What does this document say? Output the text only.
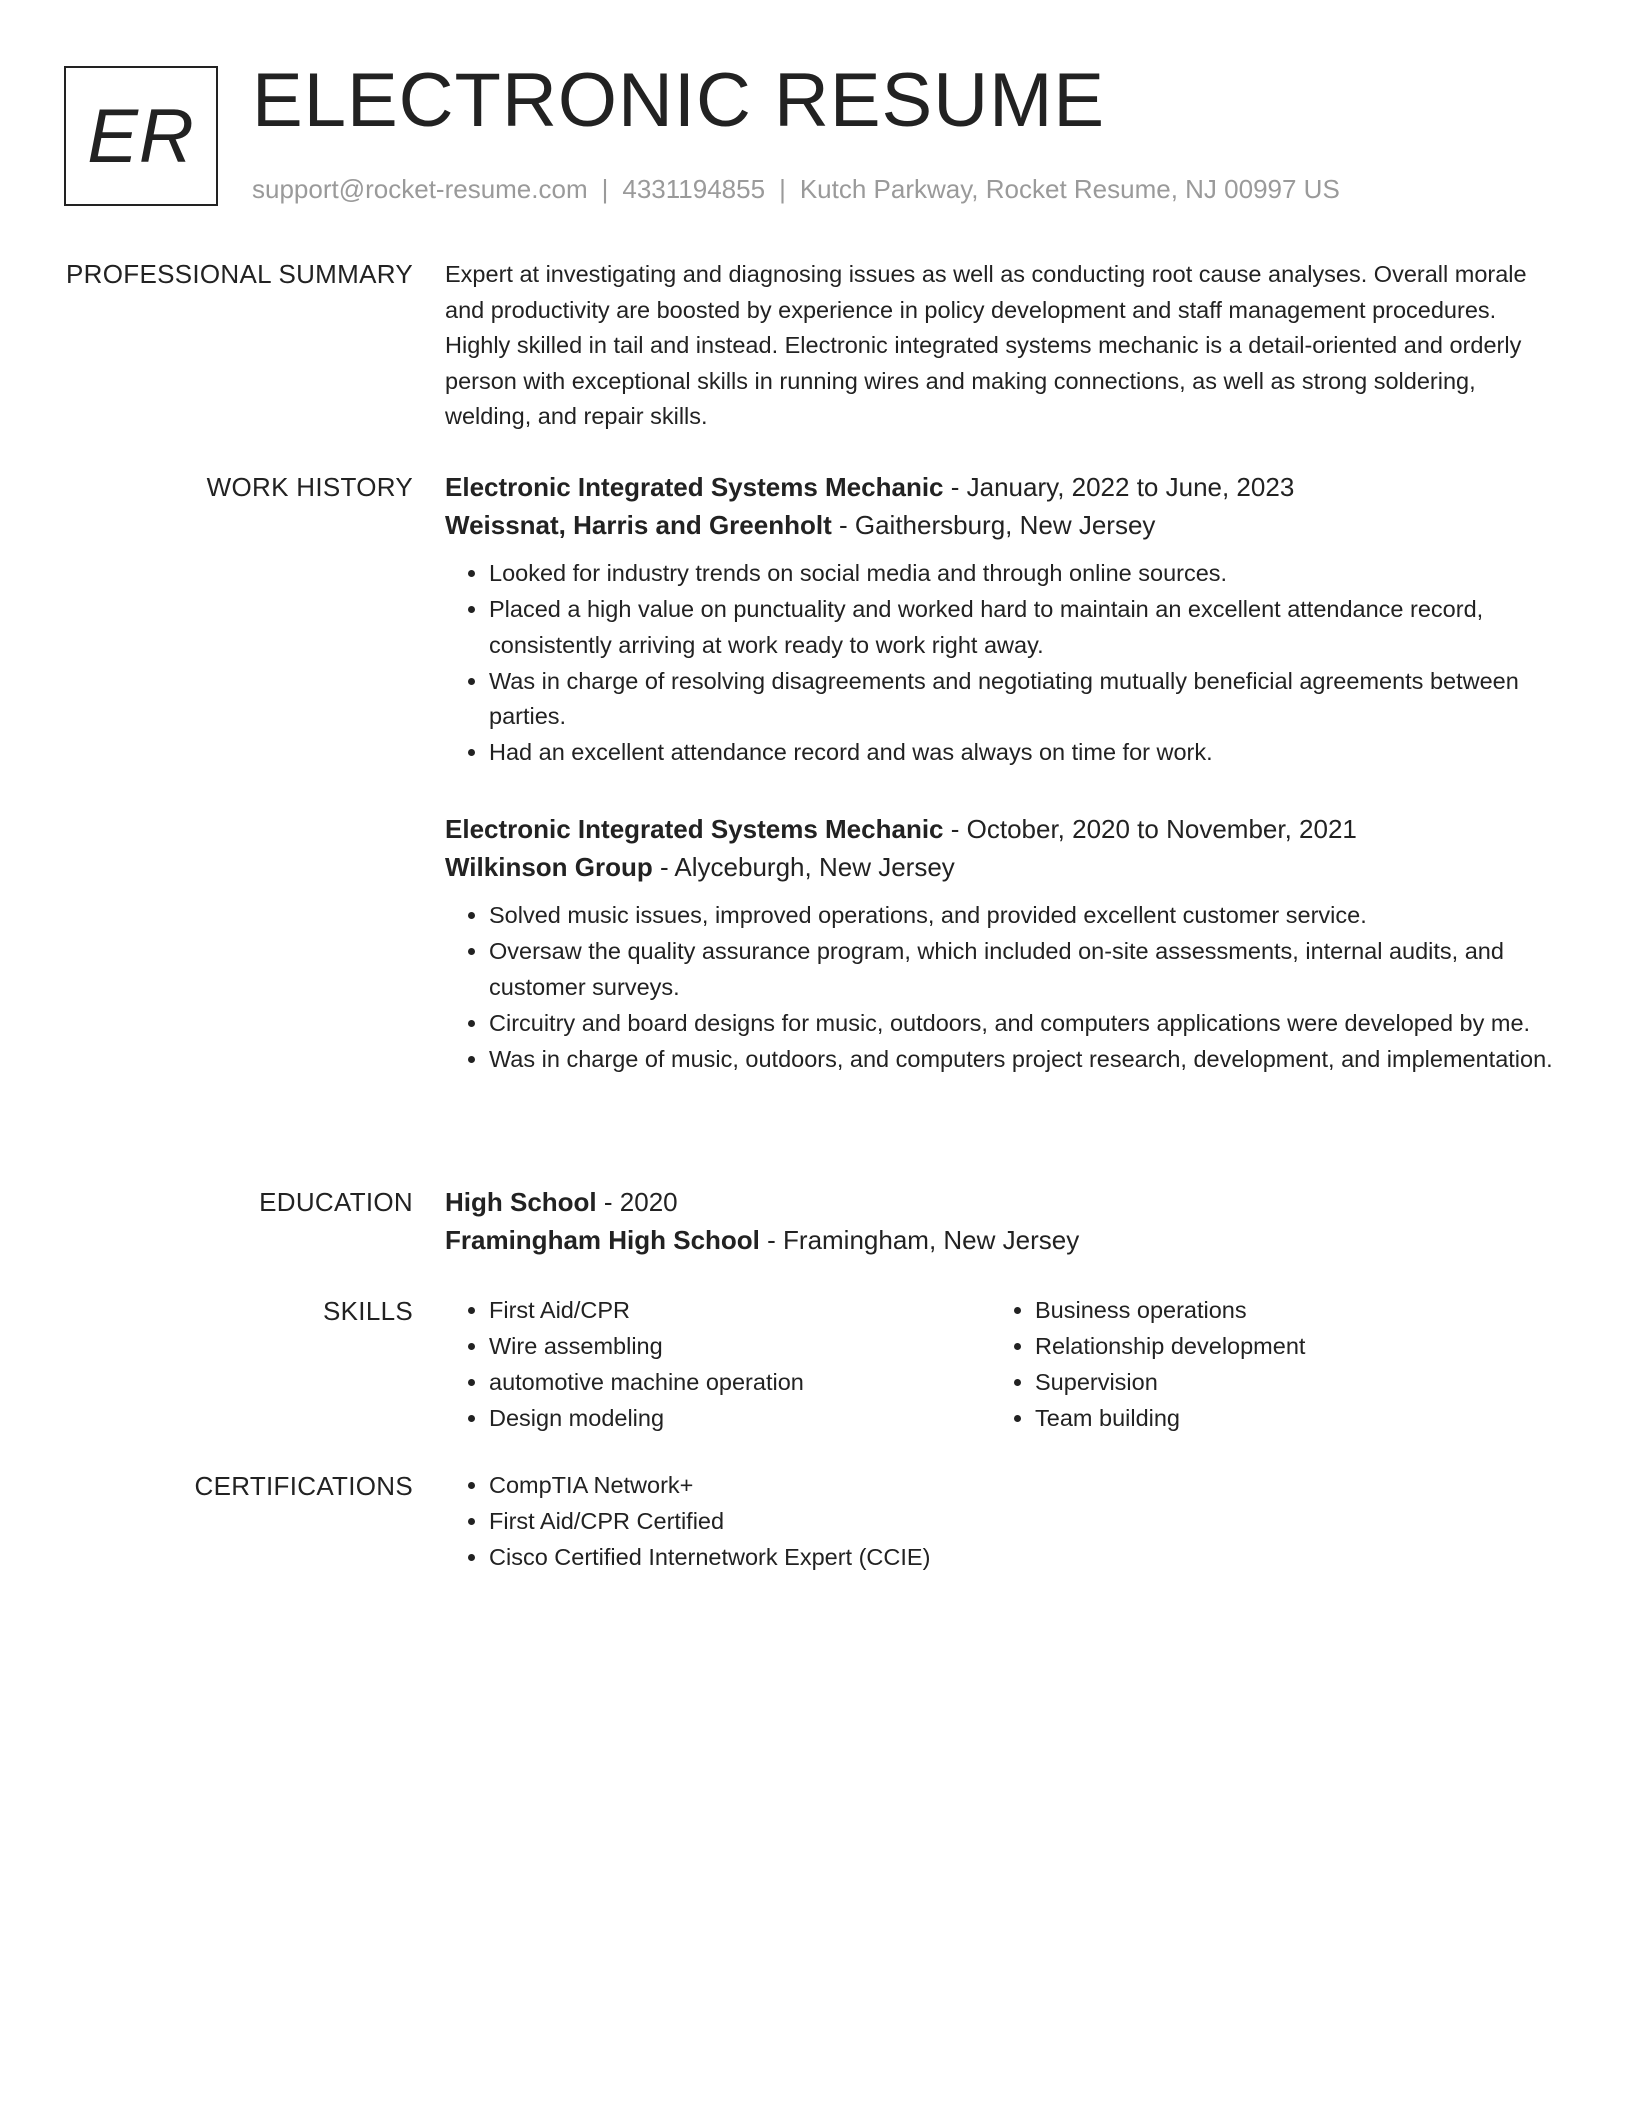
ER ELECTRONIC RESUME
support@rocket-resume.com | 4331194855 | Kutch Parkway, Rocket Resume, NJ 00997 US
PROFESSIONAL SUMMARY Expert at investigating and diagnosing issues as well as conducting root cause analyses. Overall morale and productivity are boosted by experience in policy development and staff management procedures. Highly skilled in tail and instead. Electronic integrated systems mechanic is a detail-oriented and orderly person with exceptional skills in running wires and making connections, as well as strong soldering, welding, and repair skills.

WORK HISTORY Electronic Integrated Systems Mechanic - January, 2022 to June, 2023
Weissnat, Harris and Greenholt - Gaithersburg, New Jersey
• Looked for industry trends on social media and through online sources.
• Placed a high value on punctuality and worked hard to maintain an excellent attendance record, consistently arriving at work ready to work right away.
• Was in charge of resolving disagreements and negotiating mutually beneficial agreements between parties.
• Had an excellent attendance record and was always on time for work.
Electronic Integrated Systems Mechanic - October, 2020 to November, 2021
Wilkinson Group - Alyceburgh, New Jersey
• Solved music issues, improved operations, and provided excellent customer service.
• Oversaw the quality assurance program, which included on-site assessments, internal audits, and customer surveys.
• Circuitry and board designs for music, outdoors, and computers applications were developed by me.
• Was in charge of music, outdoors, and computers project research, development, and implementation.
EDUCATION High School - 2020
Framingham High School - Framingham, New Jersey
SKILLS	• First Aid/CPR
• Wire assembling
• automotive machine operation
• Design modeling
• Business operations
• Relationship development
• Supervision
• Team building
CERTIFICATIONS	• CompTIA Network+
• First Aid/CPR Certified
• Cisco Certified Internetwork Expert (CCIE)
